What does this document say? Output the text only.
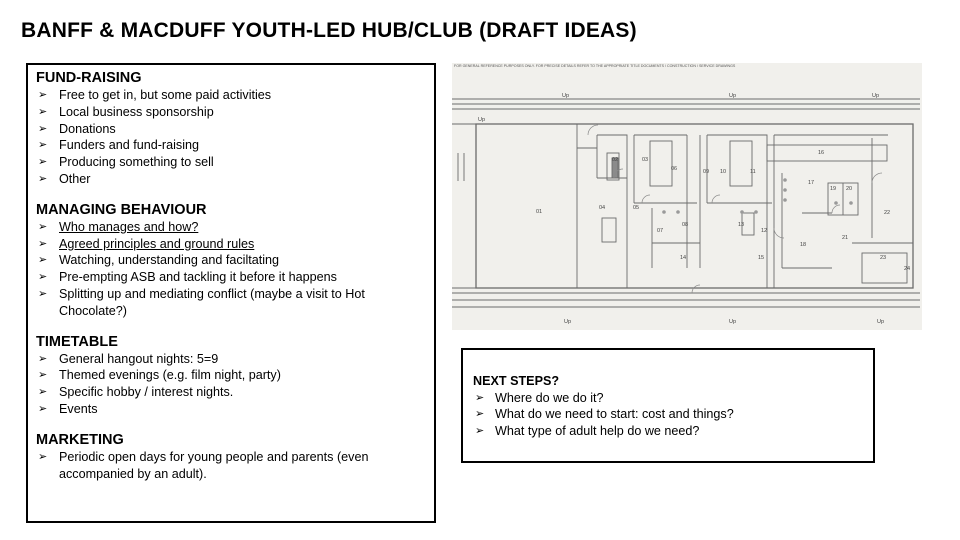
BANFF & MACDUFF YOUTH-LED HUB/CLUB (DRAFT IDEAS)

FUND-RAISING

➢ Free to get in, but some paid activities
➢ Local business sponsorship
➢ Donations
➢ Funders and fund-raising
➢ Producing something to sell
➢ Other

MANAGING BEHAVIOUR

➢ Who manages and how?
➢ Agreed principles and ground rules
➢ Watching, understanding and faciltating
➢ Pre-empting ASB and tackling it before it happens
➢ Splitting up and mediating conflict (maybe a visit to Hot Chocolate?)

TIMETABLE

➢ General hangout nights: 5=9
➢ Themed evenings (e.g. film night, party)
➢ Specific hobby / interest nights.
➢ Events

MARKETING

➢ Periodic open days for young people and parents (even accompanied by an adult).
FOR GENERAL REFERENCE PURPOSES ONLY. FOR PRECISE DETAILS REFER TO THE APPROPRIATE TITLE DOCUMENTS / CONSTRUCTION / SERVICE DRAWINGS
Up	Up	Up
Up
Up	Up	Up
01
02	03
04	05
06
07
08
09 10	11
12
13
14	15
16
17
18
19 20
21
22
23
24

NEXT STEPS?

➢ Where do we do it?
➢ What do we need to start: cost and things?
➢ What type of adult help do we need?
